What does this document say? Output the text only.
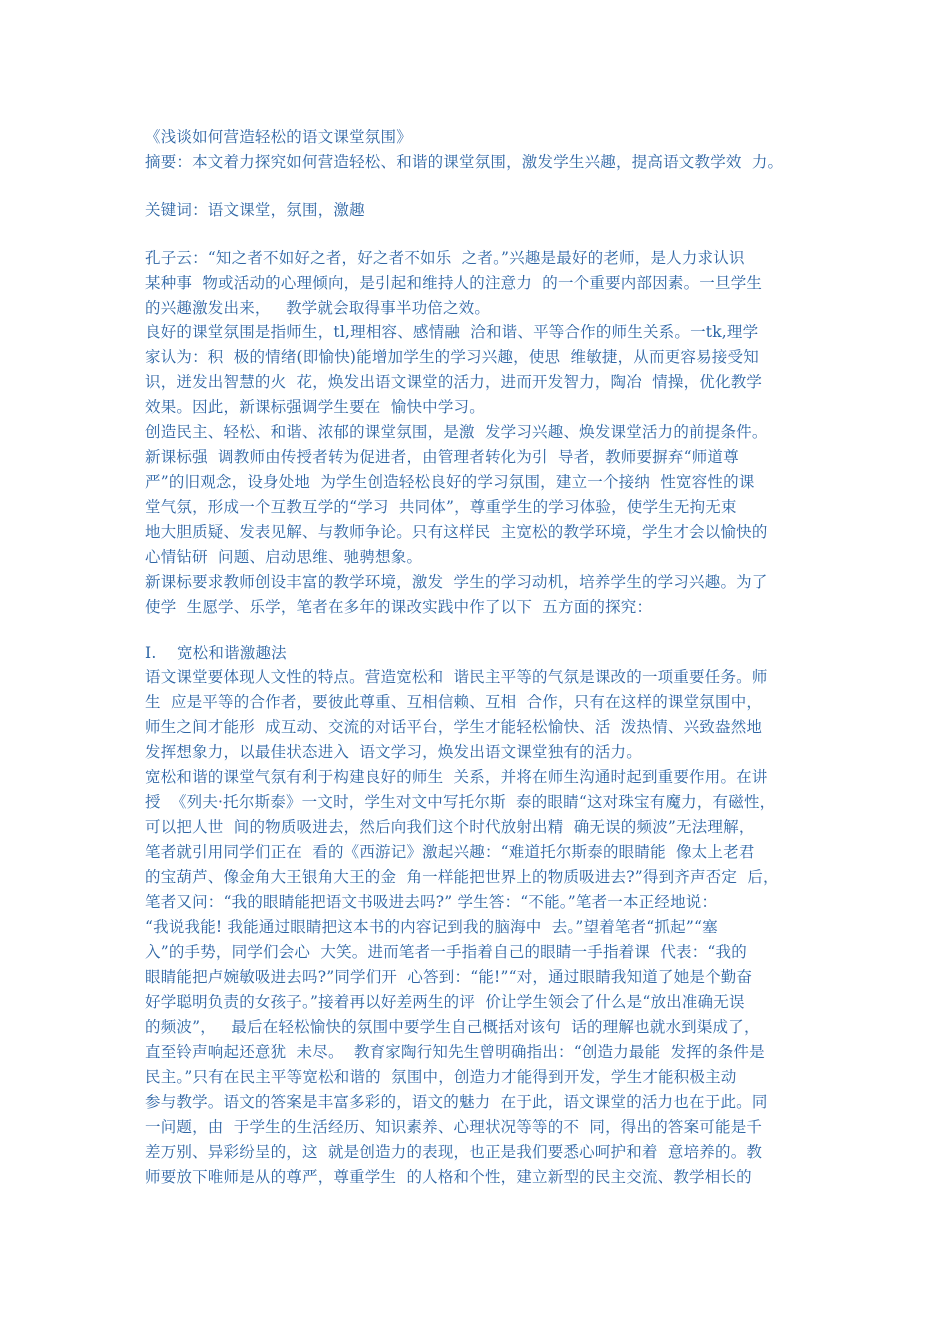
《浅谈如何营造轻松的语文课堂氛围》
摘要：本文着力探究如何营造轻松、和谐的课堂氛围，激发学生兴趣，提高语文教学效  力。
关键词：语文课堂，氛围，激趣
孔子云：“知之者不如好之者，好之者不如乐  之者。”兴趣是最好的老师，是人力求认识
某种事  物或活动的心理倾向，是引起和维持人的注意力  的一个重要内部因素。一旦学生
的兴趣激发出来，   教学就会取得事半功倍之效。
良好的课堂氛围是指师生，tl,理相容、感情融  洽和谐、平等合作的师生关系。一tk,理学
家认为：积  极的情绪(即愉快)能增加学生的学习兴趣，使思  维敏捷，从而更容易接受知
识，迸发出智慧的火  花，焕发出语文课堂的活力，进而开发智力，陶冶  情操，优化教学
效果。因此，新课标强调学生要在  愉快中学习。
创造民主、轻松、和谐、浓郁的课堂氛围，是激  发学习兴趣、焕发课堂活力的前提条件。
新课标强  调教师由传授者转为促进者，由管理者转化为引  导者，教师要摒弃“师道尊
严”的旧观念，设身处地  为学生创造轻松良好的学习氛围，建立一个接纳  性宽容性的课
堂气氛，形成一个互教互学的“学习  共同体”，尊重学生的学习体验，使学生无拘无束
地大胆质疑、发表见解、与教师争论。只有这样民  主宽松的教学环境，学生才会以愉快的
心情钻研  问题、启动思维、驰骋想象。
新课标要求教师创设丰富的教学环境，激发  学生的学习动机，培养学生的学习兴趣。为了
使学  生愿学、乐学，笔者在多年的课改实践中作了以下  五方面的探究：
I.    宽松和谐激趣法
语文课堂要体现人文性的特点。营造宽松和  谐民主平等的气氛是课改的一项重要任务。师
生  应是平等的合作者，要彼此尊重、互相信赖、互相  合作，只有在这样的课堂氛围中，
师生之间才能形  成互动、交流的对话平台，学生才能轻松愉快、活  泼热情、兴致盎然地
发挥想象力，以最佳状态进入  语文学习，焕发出语文课堂独有的活力。
宽松和谐的课堂气氛有利于构建良好的师生  关系，并将在师生沟通时起到重要作用。在讲
授  《列夫·托尔斯泰》一文时，学生对文中写托尔斯  泰的眼睛“这对珠宝有魔力，有磁性，
可以把人世  间的物质吸进去，然后向我们这个时代放射出精  确无误的频波”无法理解，
笔者就引用同学们正在  看的《西游记》激起兴趣：“难道托尔斯泰的眼睛能  像太上老君
的宝葫芦、像金角大王银角大王的金  角一样能把世界上的物质吸进去?”得到齐声否定  后，
笔者又问：“我的眼睛能把语文书吸进去吗?” 学生答：“不能。”笔者一本正经地说：
“我说我能! 我能通过眼睛把这本书的内容记到我的脑海中  去。”望着笔者“抓起”“塞
入”的手势，同学们会心  大笑。进而笔者一手指着自己的眼睛一手指着课  代表：“我的
眼睛能把卢婉敏吸进去吗?”同学们开  心答到：“能!”“对，通过眼睛我知道了她是个勤奋
好学聪明负责的女孩子。”接着再以好差两生的评  价让学生领会了什么是“放出准确无误
的频波”，   最后在轻松愉快的氛围中要学生自己概括对该句  话的理解也就水到渠成了，
直至铃声响起还意犹  未尽。  教育家陶行知先生曾明确指出：“创造力最能  发挥的条件是
民主。”只有在民主平等宽松和谐的  氛围中，创造力才能得到开发，学生才能积极主动
参与教学。语文的答案是丰富多彩的，语文的魅力  在于此，语文课堂的活力也在于此。同
一问题，由  于学生的生活经历、知识素养、心理状况等等的不  同，得出的答案可能是千
差万别、异彩纷呈的，这  就是创造力的表现，也正是我们要悉心呵护和着  意培养的。教
师要放下唯师是从的尊严，尊重学生  的人格和个性，建立新型的民主交流、教学相长的
